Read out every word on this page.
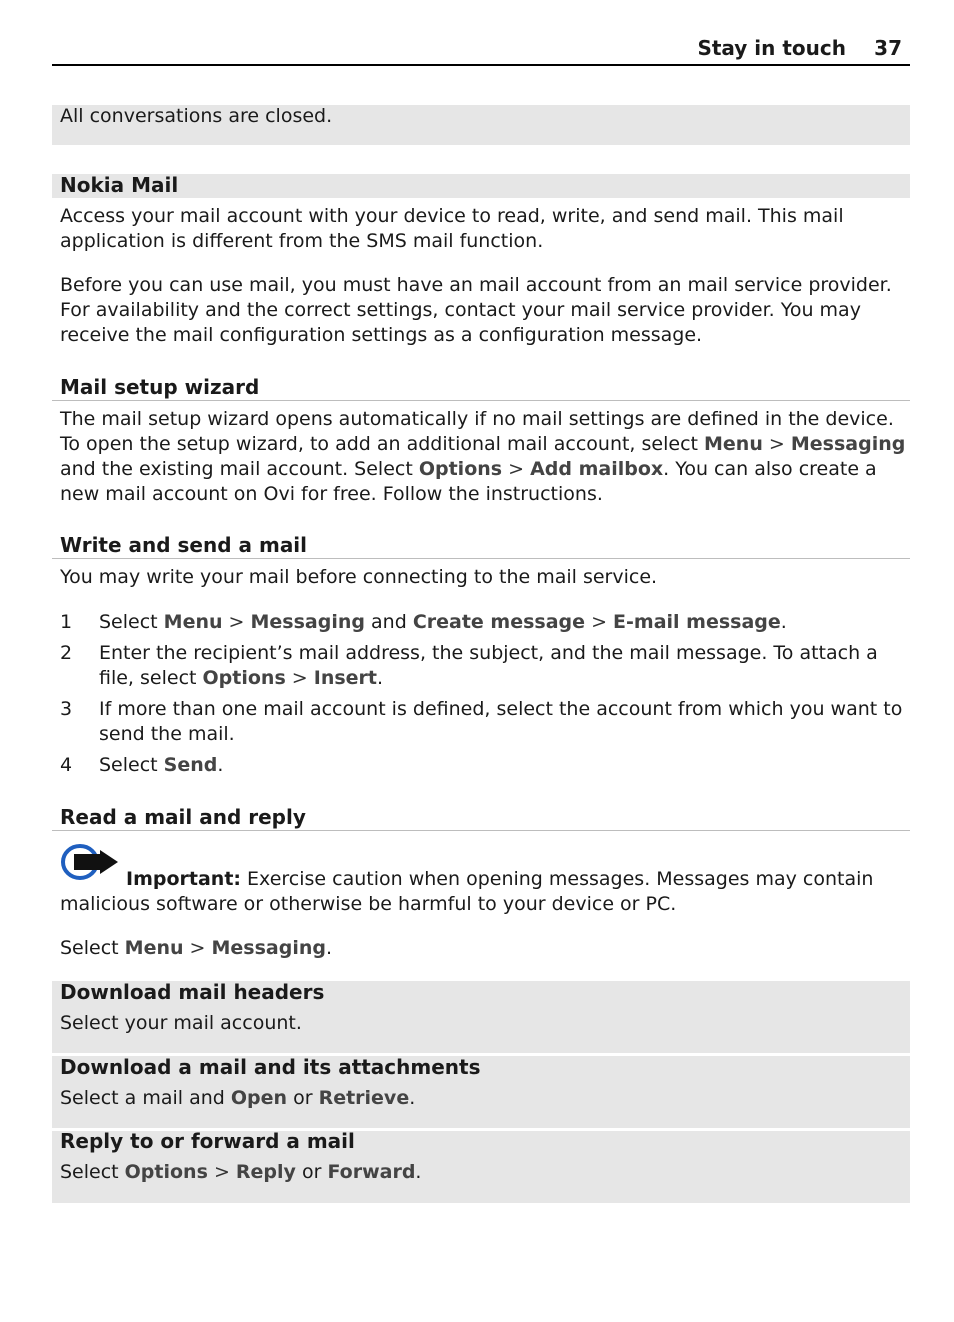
Stay in touch 37

All conversations are closed.

Nokia Mail

Access your mail account with your device to read, write, and send mail. This mail application is different from the SMS mail function.

Before you can use mail, you must have an mail account from an mail service provider. For availability and the correct settings, contact your mail service provider. You may receive the mail configuration settings as a configuration message.

Mail setup wizard

The mail setup wizard opens automatically if no mail settings are defined in the device. To open the setup wizard, to add an additional mail account, select Menu > Messaging and the existing mail account. Select Options > Add mailbox. You can also create a new mail account on Ovi for free. Follow the instructions.

Write and send a mail

You may write your mail before connecting to the mail service.

1 Select Menu > Messaging and Create message > E-mail message.
2 Enter the recipient’s mail address, the subject, and the mail message. To attach a file, select Options > Insert.
3 If more than one mail account is defined, select the account from which you want to send the mail.
4 Select Send.
Read a mail and reply

Important: Exercise caution when opening messages. Messages may contain malicious software or otherwise be harmful to your device or PC.

Select Menu > Messaging.

Download mail headers

Select your mail account.

Download a mail and its attachments

Select a mail and Open or Retrieve.

Reply to or forward a mail

Select Options > Reply or Forward.
